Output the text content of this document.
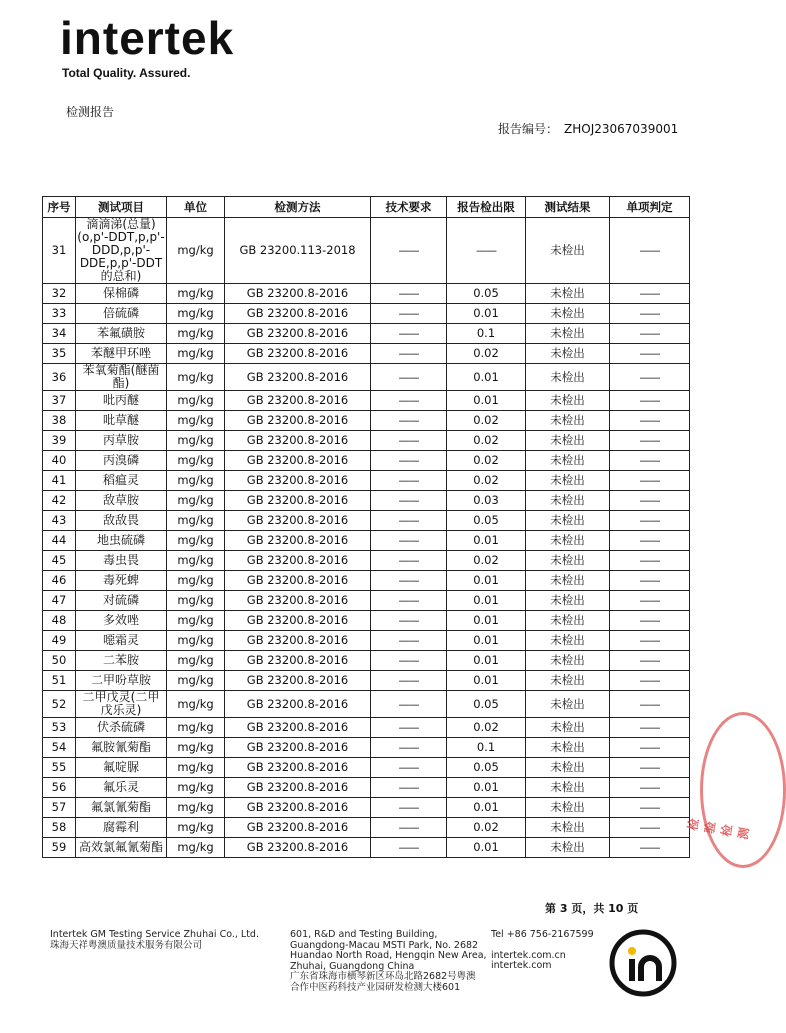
intertek
Total Quality. Assured.
检测报告
报告编号： ZHOJ23067039001
序号	测试项目	单位	检测方法	技术要求	报告检出限	测试结果	单项判定
31	滴滴涕(总量)(o,p'-DDT,p,p'-DDD,p,p'-DDE,p,p'-DDT的总和)	mg/kg	GB 23200.113-2018	——	——	未检出	——
32	保棉磷	mg/kg	GB 23200.8-2016	——	0.05	未检出	——
33	倍硫磷	mg/kg	GB 23200.8-2016	——	0.01	未检出	——
34	苯氟磺胺	mg/kg	GB 23200.8-2016	——	0.1	未检出	——
35	苯醚甲环唑	mg/kg	GB 23200.8-2016	——	0.02	未检出	——
36	苯氧菊酯(醚菌酯)	mg/kg	GB 23200.8-2016	——	0.01	未检出	——
37	吡丙醚	mg/kg	GB 23200.8-2016	——	0.01	未检出	——
38	吡草醚	mg/kg	GB 23200.8-2016	——	0.02	未检出	——
39	丙草胺	mg/kg	GB 23200.8-2016	——	0.02	未检出	——
40	丙溴磷	mg/kg	GB 23200.8-2016	——	0.02	未检出	——
41	稻瘟灵	mg/kg	GB 23200.8-2016	——	0.02	未检出	——
42	敌草胺	mg/kg	GB 23200.8-2016	——	0.03	未检出	——
43	敌敌畏	mg/kg	GB 23200.8-2016	——	0.05	未检出	——
44	地虫硫磷	mg/kg	GB 23200.8-2016	——	0.01	未检出	——
45	毒虫畏	mg/kg	GB 23200.8-2016	——	0.02	未检出	——
46	毒死蜱	mg/kg	GB 23200.8-2016	——	0.01	未检出	——
47	对硫磷	mg/kg	GB 23200.8-2016	——	0.01	未检出	——
48	多效唑	mg/kg	GB 23200.8-2016	——	0.01	未检出	——
49	噁霜灵	mg/kg	GB 23200.8-2016	——	0.01	未检出	——
50	二苯胺	mg/kg	GB 23200.8-2016	——	0.01	未检出	——
51	二甲吩草胺	mg/kg	GB 23200.8-2016	——	0.01	未检出	——
52	二甲戊灵(二甲戊乐灵)	mg/kg	GB 23200.8-2016	——	0.05	未检出	——
53	伏杀硫磷	mg/kg	GB 23200.8-2016	——	0.02	未检出	——
54	氟胺氰菊酯	mg/kg	GB 23200.8-2016	——	0.1	未检出	——
55	氟啶脲	mg/kg	GB 23200.8-2016	——	0.05	未检出	——
56	氟乐灵	mg/kg	GB 23200.8-2016	——	0.01	未检出	——
57	氟氯氰菊酯	mg/kg	GB 23200.8-2016	——	0.01	未检出	——
58	腐霉利	mg/kg	GB 23200.8-2016	——	0.02	未检出	——
59	高效氯氟氰菊酯	mg/kg	GB 23200.8-2016	——	0.01	未检出	——
第 3 页，共 10 页
Intertek GM Testing Service Zhuhai Co., Ltd.
珠海天祥粤澳质量技术服务有限公司
601, R&D and Testing Building,
Guangdong-Macau MSTI Park, No. 2682
Huandao North Road, Hengqin New Area,
Zhuhai, Guangdong China
广东省珠海市横琴新区环岛北路2682号粤澳
合作中医药科技产业园研发检测大楼601
Tel +86 756-2167599
intertek.com.cn
intertek.com
检验检测
